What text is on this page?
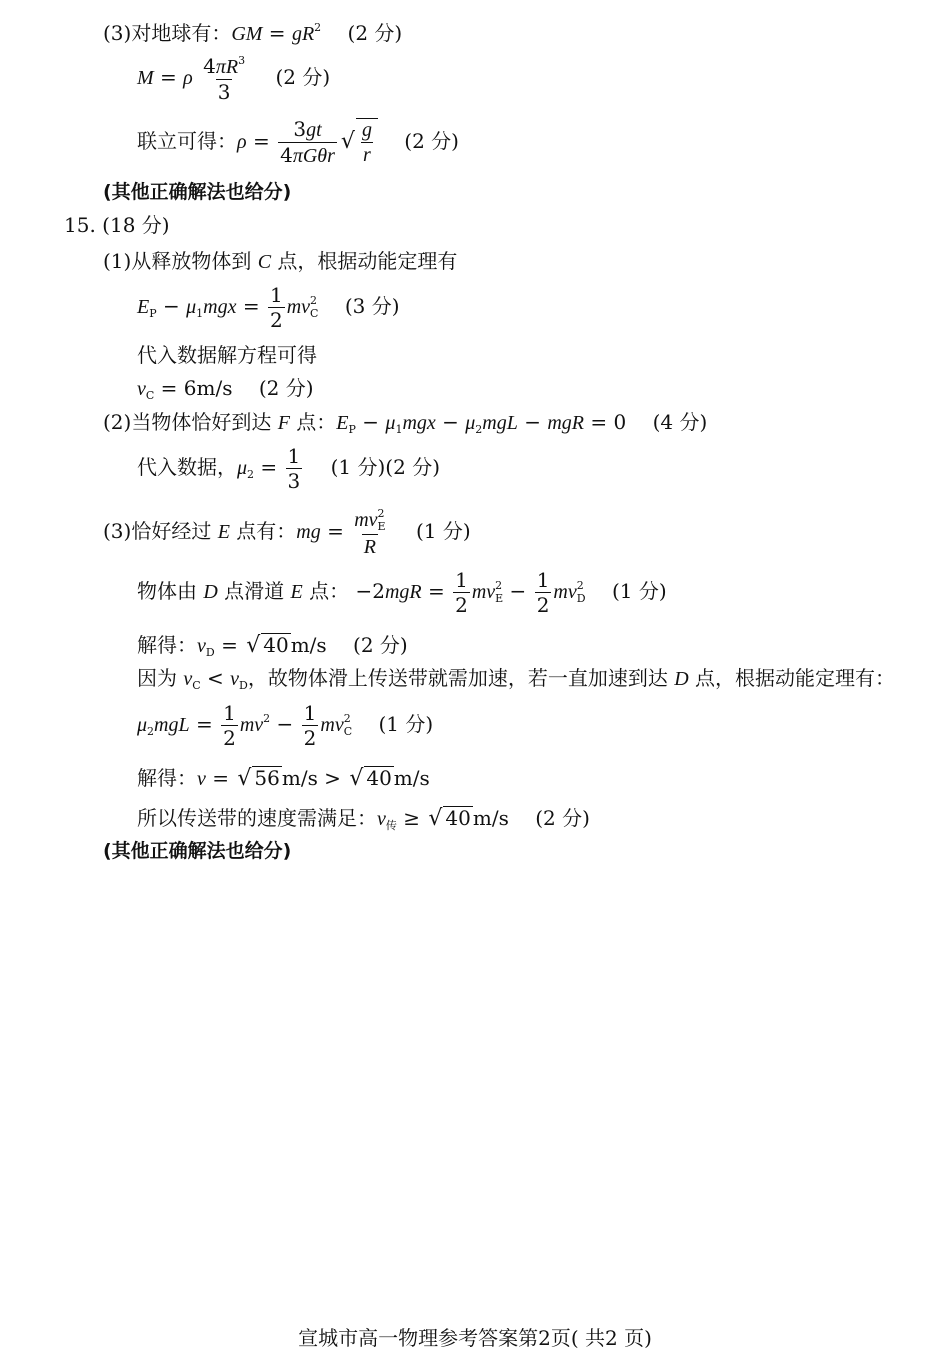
(3)对地球有：GM = $gR^2$ (2 分)
M = ρ $\frac{4\pi R^3}{3} (2$ 分)
联立可得：$\rho = \frac{3gt}{\text{4πGθr}}$ √ $\frac{g}{r} (2$ 分)
(其他正确解法也给分)
15. (18 分)
(1)从释放物体到 C 点，根据动能定理有
$E_P - \mu_1mgx = \frac{1}{2} mv^2_C$ (3 分)
代入数据解方程可得
$v_C = 6m/s$ (2 分)
(2)当物体恰好到达 F 点：$E_P - \mu_1mgx - \mu_2mgL$ − mgR = 0 (4 分)
代入数据，$\mu_2 = \frac{1}{3} (1$ 分)(2 分)
(3)恰好经过 E 点有：mg = $\frac{mv^2_E}{R} (1$ 分)
物体由 D 点滑道 E 点： $-2mgR = \frac{1}{2} mv^2_E - \frac{1}{2} mv^2_D$ (1 分)
解得：$v_D$ = √ 40 m/s (2 分)
因为 $v_C < v_D$，故物体滑上传送带就需加速，若一直加速到达 D 点，根据动能定理有：
$\mu_2mgL = \frac{1}{2} mv^2 - \frac{1}{2} mv^2_C$ (1 分)
解得：v = √ 56 m/s > √ 40 m/s
所以传送带的速度需满足：$v_传$ ≥ √ 40 m/s (2 分)
(其他正确解法也给分)
宣城市高一物理参考答案第2页( 共2 页)
